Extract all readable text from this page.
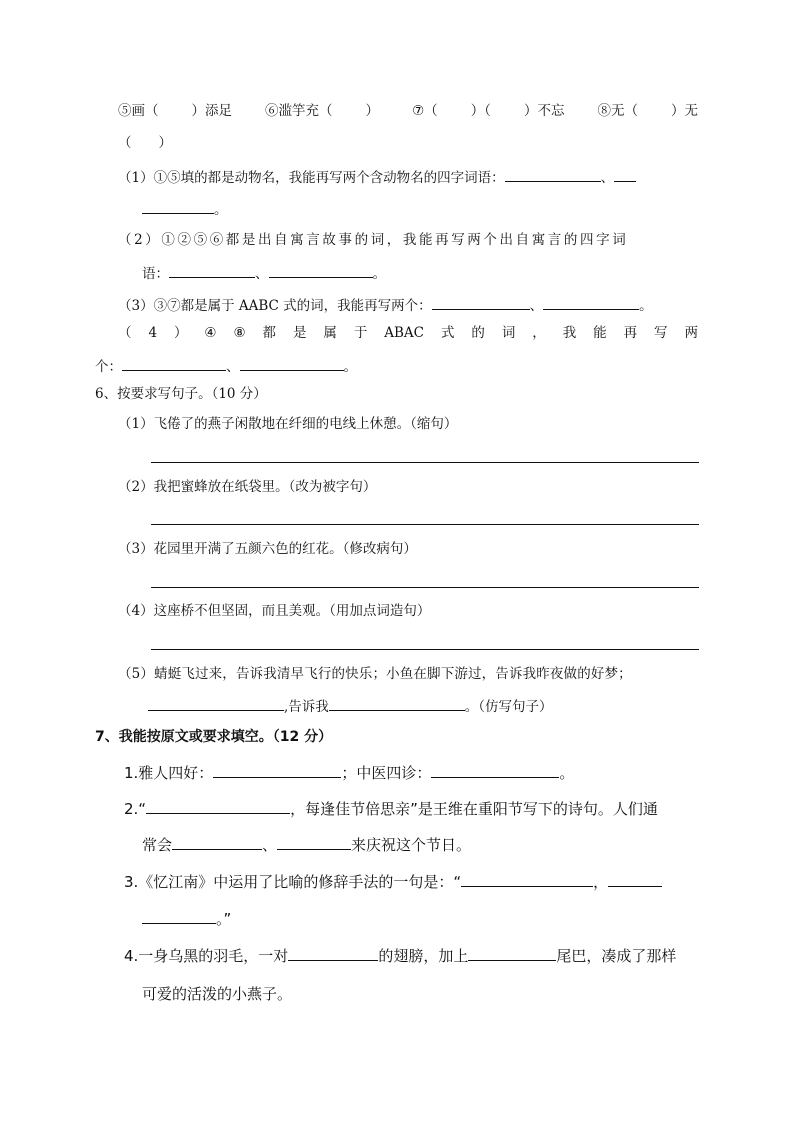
⑤画（ ）添足 ⑥滥竽充（ ） ⑦（ ）（ ）不忘 ⑧无（ ）无
（　　）
（1）①⑤填的都是动物名，我能再写两个含动物名的四字词语：	、
。
（2）①②⑤⑥都是出自寓言故事的词，我能再写两个出自寓言的四字词
语：	、	。
（3）③⑦都是属于 AABC 式的词，我能再写两个：	、	。
（ 4 ） ④ ⑧ 都 是 属 于 ABAC 式 的 词 ， 我 能 再 写 两
个：	、	。
6、按要求写句子。（10 分）
（1）飞倦了的燕子闲散地在纤细的电线上休憩。（缩句）
（2）我把蜜蜂放在纸袋里。（改为被字句）
（3）花园里开满了五颜六色的红花。（修改病句）
（4）这座桥不但坚固，而且美观。（用加点词造句）
（5）蜻蜓飞过来，告诉我清早飞行的快乐；小鱼在脚下游过，告诉我昨夜做的好梦；
,告诉我	。（仿写句子）
7、我能按原文或要求填空。（12 分）
1.雅人四好：	；中医四诊：	。
2.“	，每逢佳节倍思亲”是王维在重阳节写下的诗句。人们通
常会	、	来庆祝这个节日。
3.《忆江南》中运用了比喻的修辞手法的一句是：“	，
。”
4.一身乌黑的羽毛，一对	的翅膀，加上	尾巴，凑成了那样
可爱的活泼的小燕子。
